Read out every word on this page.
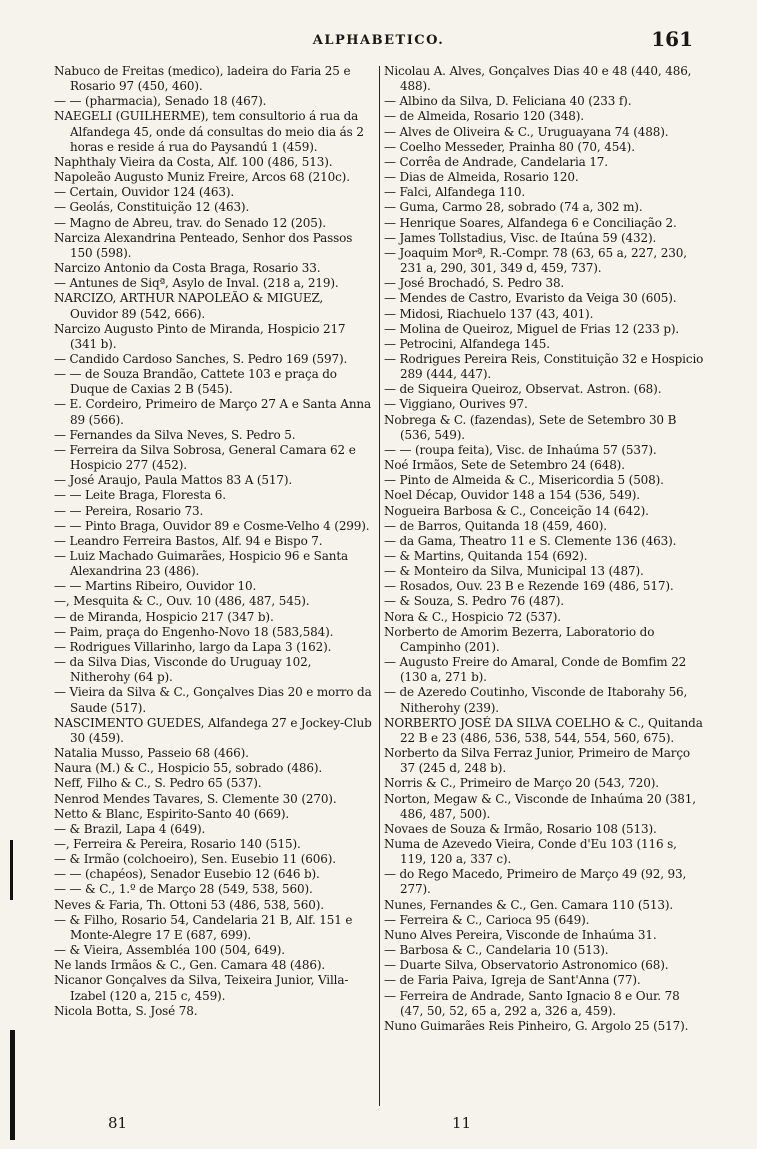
ALPHABETICO.	161
Nabuco de Freitas (medico), ladeira do Faria 25 e Rosario 97 (450, 460).
— — (pharmacia), Senado 18 (467).
NAEGELI (GUILHERME), tem consultorio á rua da Alfandega 45, onde dá consultas do meio dia ás 2 horas e reside á rua do Paysandú 1 (459).
Naphthaly Vieira da Costa, Alf. 100 (486, 513).
Napoleão Augusto Muniz Freire, Arcos 68 (210c).
— Certain, Ouvidor 124 (463).
— Geolás, Constituição 12 (463).
— Magno de Abreu, trav. do Senado 12 (205).
Narciza Alexandrina Penteado, Senhor dos Passos 150 (598).
Narcizo Antonio da Costa Braga, Rosario 33.
— Antunes de Siqª, Asylo de Inval. (218 a, 219).
NARCIZO, ARTHUR NAPOLEÃO & MIGUEZ, Ouvidor 89 (542, 666).
Narcizo Augusto Pinto de Miranda, Hospicio 217 (341 b).
— Candido Cardoso Sanches, S. Pedro 169 (597).
— — de Souza Brandão, Cattete 103 e praça do Duque de Caxias 2 B (545).
— E. Cordeiro, Primeiro de Março 27 A e Santa Anna 89 (566).
— Fernandes da Silva Neves, S. Pedro 5.
— Ferreira da Silva Sobrosa, General Camara 62 e Hospicio 277 (452).
— José Araujo, Paula Mattos 83 A (517).
— — Leite Braga, Floresta 6.
— — Pereira, Rosario 73.
— — Pinto Braga, Ouvidor 89 e Cosme-Velho 4 (299).
— Leandro Ferreira Bastos, Alf. 94 e Bispo 7.
— Luiz Machado Guimarães, Hospicio 96 e Santa Alexandrina 23 (486).
— — Martins Ribeiro, Ouvidor 10.
—, Mesquita & C., Ouv. 10 (486, 487, 545).
— de Miranda, Hospicio 217 (347 b).
— Paim, praça do Engenho-Novo 18 (583,584).
— Rodrigues Villarinho, largo da Lapa 3 (162).
— da Silva Dias, Visconde do Uruguay 102, Nitherohy (64 p).
— Vieira da Silva & C., Gonçalves Dias 20 e morro da Saude (517).
NASCIMENTO GUEDES, Alfandega 27 e Jockey-Club 30 (459).
Natalia Musso, Passeio 68 (466).
Naura (M.) & C., Hospicio 55, sobrado (486).
Neff, Filho & C., S. Pedro 65 (537).
Nenrod Mendes Tavares, S. Clemente 30 (270).
Netto & Blanc, Espirito-Santo 40 (669).
— & Brazil, Lapa 4 (649).
—, Ferreira & Pereira, Rosario 140 (515).
— & Irmão (colchoeiro), Sen. Eusebio 11 (606).
— — (chapéos), Senador Eusebio 12 (646 b).
— — & C., 1.º de Março 28 (549, 538, 560).
Neves & Faria, Th. Ottoni 53 (486, 538, 560).
— & Filho, Rosario 54, Candelaria 21 B, Alf. 151 e Monte-Alegre 17 E (687, 699).
— & Vieira, Assembléa 100 (504, 649).
Ne lands Irmãos & C., Gen. Camara 48 (486).
Nicanor Gonçalves da Silva, Teixeira Junior, Villa-Izabel (120 a, 215 c, 459).
Nicola Botta, S. José 78.
Nicolau A. Alves, Gonçalves Dias 40 e 48 (440, 486, 488).
— Albino da Silva, D. Feliciana 40 (233 f).
— de Almeida, Rosario 120 (348).
— Alves de Oliveira & C., Uruguayana 74 (488).
— Coelho Messeder, Prainha 80 (70, 454).
— Corrêa de Andrade, Candelaria 17.
— Dias de Almeida, Rosario 120.
— Falci, Alfandega 110.
— Guma, Carmo 28, sobrado (74 a, 302 m).
— Henrique Soares, Alfandega 6 e Conciliação 2.
— James Tollstadius, Visc. de Itaúna 59 (432).
— Joaquim Morª, R.-Compr. 78 (63, 65 a, 227, 230, 231 a, 290, 301, 349 d, 459, 737).
— José Brochadó, S. Pedro 38.
— Mendes de Castro, Evaristo da Veiga 30 (605).
— Midosi, Riachuelo 137 (43, 401).
— Molina de Queiroz, Miguel de Frias 12 (233 p).
— Petrocini, Alfandega 145.
— Rodrigues Pereira Reis, Constituição 32 e Hospicio 289 (444, 447).
— de Siqueira Queiroz, Observat. Astron. (68).
— Viggiano, Ourives 97.
Nobrega & C. (fazendas), Sete de Setembro 30 B (536, 549).
— — (roupa feita), Visc. de Inhaúma 57 (537).
Noé Irmãos, Sete de Setembro 24 (648).
— Pinto de Almeida & C., Misericordia 5 (508).
Noel Décap, Ouvidor 148 a 154 (536, 549).
Nogueira Barbosa & C., Conceição 14 (642).
— de Barros, Quitanda 18 (459, 460).
— da Gama, Theatro 11 e S. Clemente 136 (463).
— & Martins, Quitanda 154 (692).
— & Monteiro da Silva, Municipal 13 (487).
— Rosados, Ouv. 23 B e Rezende 169 (486, 517).
— & Souza, S. Pedro 76 (487).
Nora & C., Hospicio 72 (537).
Norberto de Amorim Bezerra, Laboratorio do Campinho (201).
— Augusto Freire do Amaral, Conde de Bomfim 22 (130 a, 271 b).
— de Azeredo Coutinho, Visconde de Itaborahy 56, Nitherohy (239).
NORBERTO JOSÉ DA SILVA COELHO & C., Quitanda 22 B e 23 (486, 536, 538, 544, 554, 560, 675).
Norberto da Silva Ferraz Junior, Primeiro de Março 37 (245 d, 248 b).
Norris & C., Primeiro de Março 20 (543, 720).
Norton, Megaw & C., Visconde de Inhaúma 20 (381, 486, 487, 500).
Novaes de Souza & Irmão, Rosario 108 (513).
Numa de Azevedo Vieira, Conde d'Eu 103 (116 s, 119, 120 a, 337 c).
— do Rego Macedo, Primeiro de Março 49 (92, 93, 277).
Nunes, Fernandes & C., Gen. Camara 110 (513).
— Ferreira & C., Carioca 95 (649).
Nuno Alves Pereira, Visconde de Inhaúma 31.
— Barbosa & C., Candelaria 10 (513).
— Duarte Silva, Observatorio Astronomico (68).
— de Faria Paiva, Igreja de Sant'Anna (77).
— Ferreira de Andrade, Santo Ignacio 8 e Our. 78 (47, 50, 52, 65 a, 292 a, 326 a, 459).
Nuno Guimarães Reis Pinheiro, G. Argolo 25 (517).
81	11
